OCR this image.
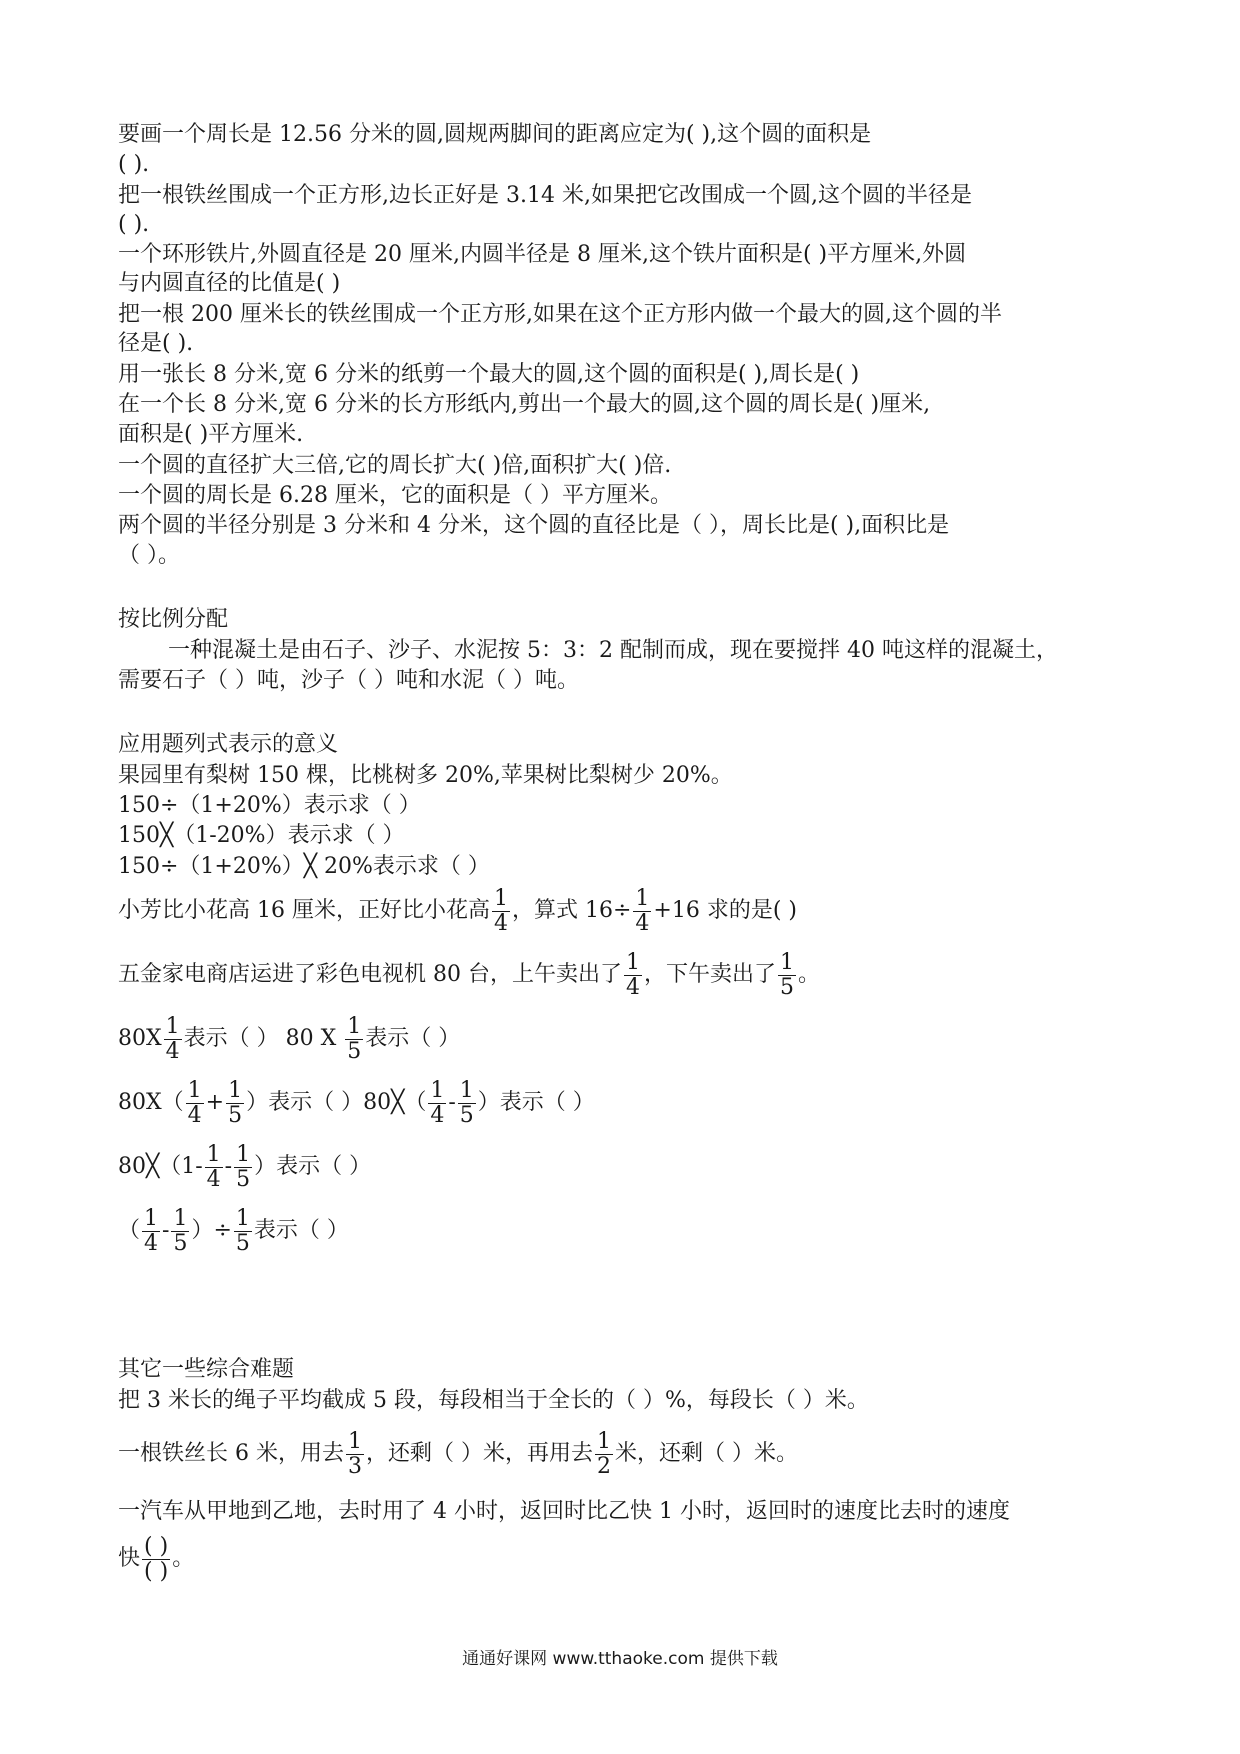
要画一个周长是 12.56 分米的圆,圆规两脚间的距离应定为( ),这个圆的面积是
( ).
把一根铁丝围成一个正方形,边长正好是 3.14 米,如果把它改围成一个圆,这个圆的半径是
( ).
一个环形铁片,外圆直径是 20 厘米,内圆半径是 8 厘米,这个铁片面积是( )平方厘米,外圆
与内圆直径的比值是( )
把一根 200 厘米长的铁丝围成一个正方形,如果在这个正方形内做一个最大的圆,这个圆的半
径是( ).
用一张长 8 分米,宽 6 分米的纸剪一个最大的圆,这个圆的面积是( ),周长是( )
在一个长 8 分米,宽 6 分米的长方形纸内,剪出一个最大的圆,这个圆的周长是( )厘米,
面积是( )平方厘米.
一个圆的直径扩大三倍,它的周长扩大( )倍,面积扩大( )倍.
一个圆的周长是 6.28 厘米，它的面积是（ ）平方厘米。
两个圆的半径分别是 3 分米和 4 分米，这个圆的直径比是（ ），周长比是( ),面积比是
（ ）。
按比例分配
一种混凝土是由石子、沙子、水泥按 5：3：2 配制而成，现在要搅拌 40 吨这样的混凝土，
需要石子（ ）吨，沙子（ ）吨和水泥（ ）吨。
应用题列式表示的意义
果园里有梨树 150 棵，比桃树多 20%,苹果树比梨树少 20%。
150÷（1+20%）表示求（ ）
150╳（1-20%）表示求（ ）
150÷（1+20%）╳ 20%表示求（ ）
小芳比小花高 16 厘米，正好比小花高 $\frac{1}{4}$ ，算式 $16\div \frac{1}{4} +16$ 求的是( )
五金家电商店运进了彩色电视机 80 台，上午卖出了 $\frac{1}{4}$ ，下午卖出了 $\frac{1}{5}$ 。
$80X \frac{1}{4}$ 表示（ ） 80 X $\frac{1}{5}$ 表示（ ）
$80X( \frac{1}{4} + \frac{1}{5}$ ）表示（ ）80╳（ $\frac{1}{4} - \frac{1}{5}$ ）表示（ ）
80╳（1- $\frac{1}{4} - \frac{1}{5}$ ）表示（ ）
（ $\frac{1}{4} - \frac{1}{5}$ ）÷ $\frac{1}{5}$ 表示（ ）
其它一些综合难题
把 3 米长的绳子平均截成 5 段，每段相当于全长的（ ）%，每段长（ ）米。
一根铁丝长 6 米，用去 $\frac{1}{3}$ ，还剩（ ）米，再用去 $\frac{1}{2}$ 米，还剩（ ）米。
一汽车从甲地到乙地，去时用了 4 小时，返回时比乙快 1 小时，返回时的速度比去时的速度
快 $\frac{( )}{( )}$ 。
通通好课网 www.tthaoke.com 提供下载
